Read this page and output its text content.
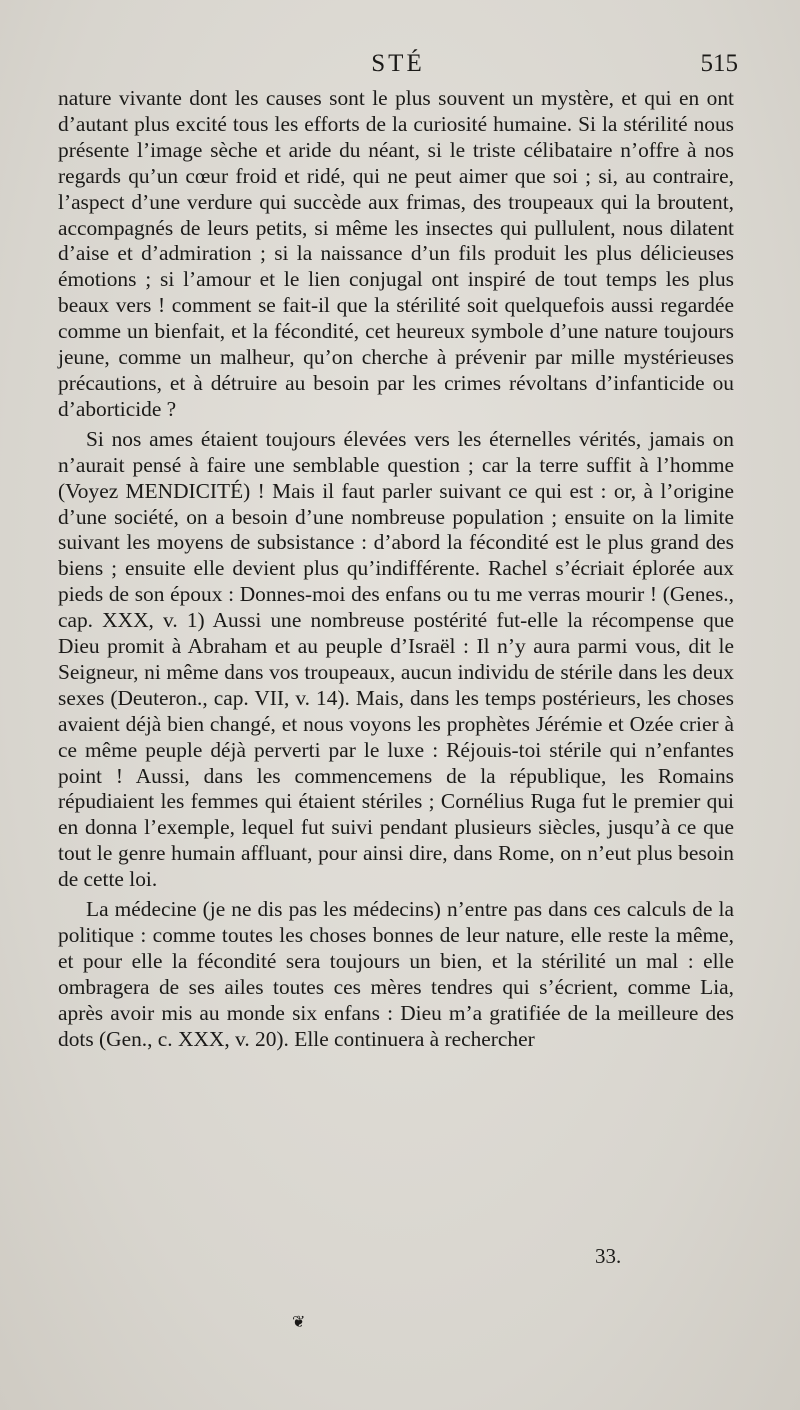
STÉ	515

nature vivante dont les causes sont le plus souvent un mystère, et qui en ont d’autant plus excité tous les efforts de la curiosité humaine. Si la stérilité nous présente l’image sèche et aride du néant, si le triste célibataire n’offre à nos regards qu’un cœur froid et ridé, qui ne peut aimer que soi ; si, au contraire, l’aspect d’une verdure qui succède aux frimas, des troupeaux qui la broutent, accompagnés de leurs petits, si même les insectes qui pullulent, nous dilatent d’aise et d’admiration ; si la naissance d’un fils produit les plus délicieuses émotions ; si l’amour et le lien conjugal ont inspiré de tout temps les plus beaux vers ! comment se fait-il que la stérilité soit quelquefois aussi regardée comme un bienfait, et la fécondité, cet heureux symbole d’une nature toujours jeune, comme un malheur, qu’on cherche à prévenir par mille mystérieuses précautions, et à détruire au besoin par les crimes révoltans d’infanticide ou d’aborticide ?

Si nos ames étaient toujours élevées vers les éternelles vérités, jamais on n’aurait pensé à faire une semblable question ; car la terre suffit à l’homme (Voyez MENDICITÉ) ! Mais il faut parler suivant ce qui est : or, à l’origine d’une société, on a besoin d’une nombreuse population ; ensuite on la limite suivant les moyens de subsistance : d’abord la fécondité est le plus grand des biens ; ensuite elle devient plus qu’indifférente. Rachel s’écriait éplorée aux pieds de son époux : Donnes-moi des enfans ou tu me verras mourir ! (Genes., cap. XXX, v. 1) Aussi une nombreuse postérité fut-elle la récompense que Dieu promit à Abraham et au peuple d’Israël : Il n’y aura parmi vous, dit le Seigneur, ni même dans vos troupeaux, aucun individu de stérile dans les deux sexes (Deuteron., cap. VII, v. 14). Mais, dans les temps postérieurs, les choses avaient déjà bien changé, et nous voyons les prophètes Jérémie et Ozée crier à ce même peuple déjà perverti par le luxe : Réjouis-toi stérile qui n’enfantes point ! Aussi, dans les commencemens de la république, les Romains répudiaient les femmes qui étaient stériles ; Cornélius Ruga fut le premier qui en donna l’exemple, lequel fut suivi pendant plusieurs siècles, jusqu’à ce que tout le genre humain affluant, pour ainsi dire, dans Rome, on n’eut plus besoin de cette loi.

La médecine (je ne dis pas les médecins) n’entre pas dans ces calculs de la politique : comme toutes les choses bonnes de leur nature, elle reste la même, et pour elle la fécondité sera toujours un bien, et la stérilité un mal : elle ombragera de ses ailes toutes ces mères tendres qui s’écrient, comme Lia, après avoir mis au monde six enfans : Dieu m’a gratifiée de la meilleure des dots (Gen., c. XXX, v. 20). Elle continuera à rechercher

33.
❦
